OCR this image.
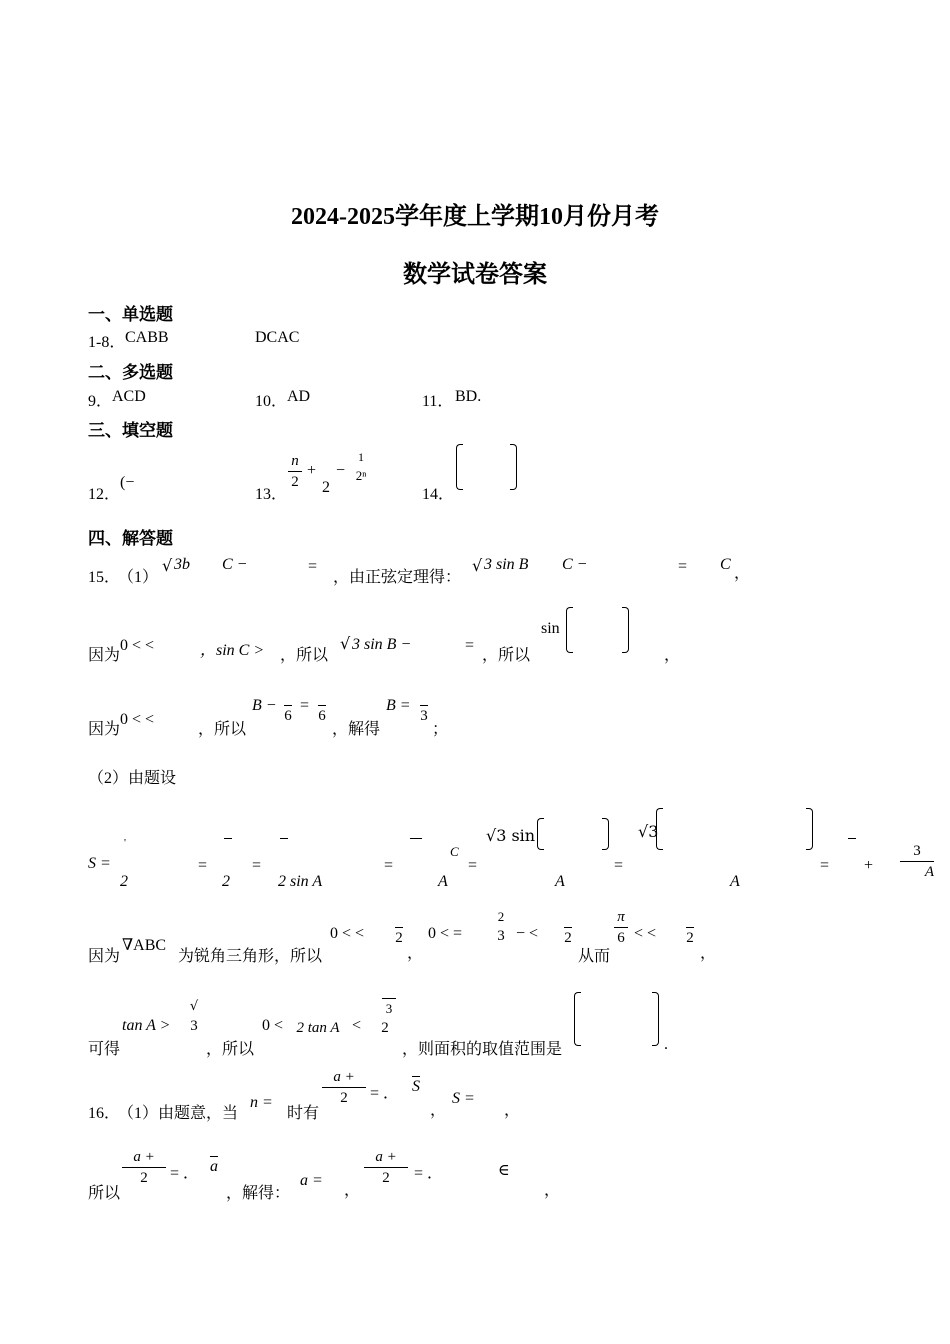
2024-2025学年度上学期10月份月考
数学试卷答案
一、单选题
1-8． CABB	DCAC
二、多选题
9． ACD	10． AD	11． BD.
三、填空题
12．
(−
13．
n
2
+
2
−
1
2ⁿ
14．
四、解答题
15．
（1）
√ 3b C −	=
，由正弦定理得：
√ 3 sin B C −	= C
，
因为
0 < <	，sin C > ，所以
√ 3 sin B −	=
，所以
sin
，
因为
0 < <
，所以
B −

6
=

6
，解得
B =

3
；
（2）由题设
S =
'
2
=
2
=
2 sin A
=
C
A
=
√3 sin
A
=
√3
A
= +
3
A
因为
∇ABC
为锐角三角形，所以
0 < <
2
，
0 < =
2
3 − <
2
从而
π
6 < <
2
，
可得
tan A >
√
3
，所以
0 <
2 tan A <
3
2
，则面积的取值范围是	.
16．
（1）由题意，当
n =
时有
a +
2	= ． S
，
S =
，
所以
a +
2	= ． a
，解得：
a =
，
a +
2	= ．	∈
，
